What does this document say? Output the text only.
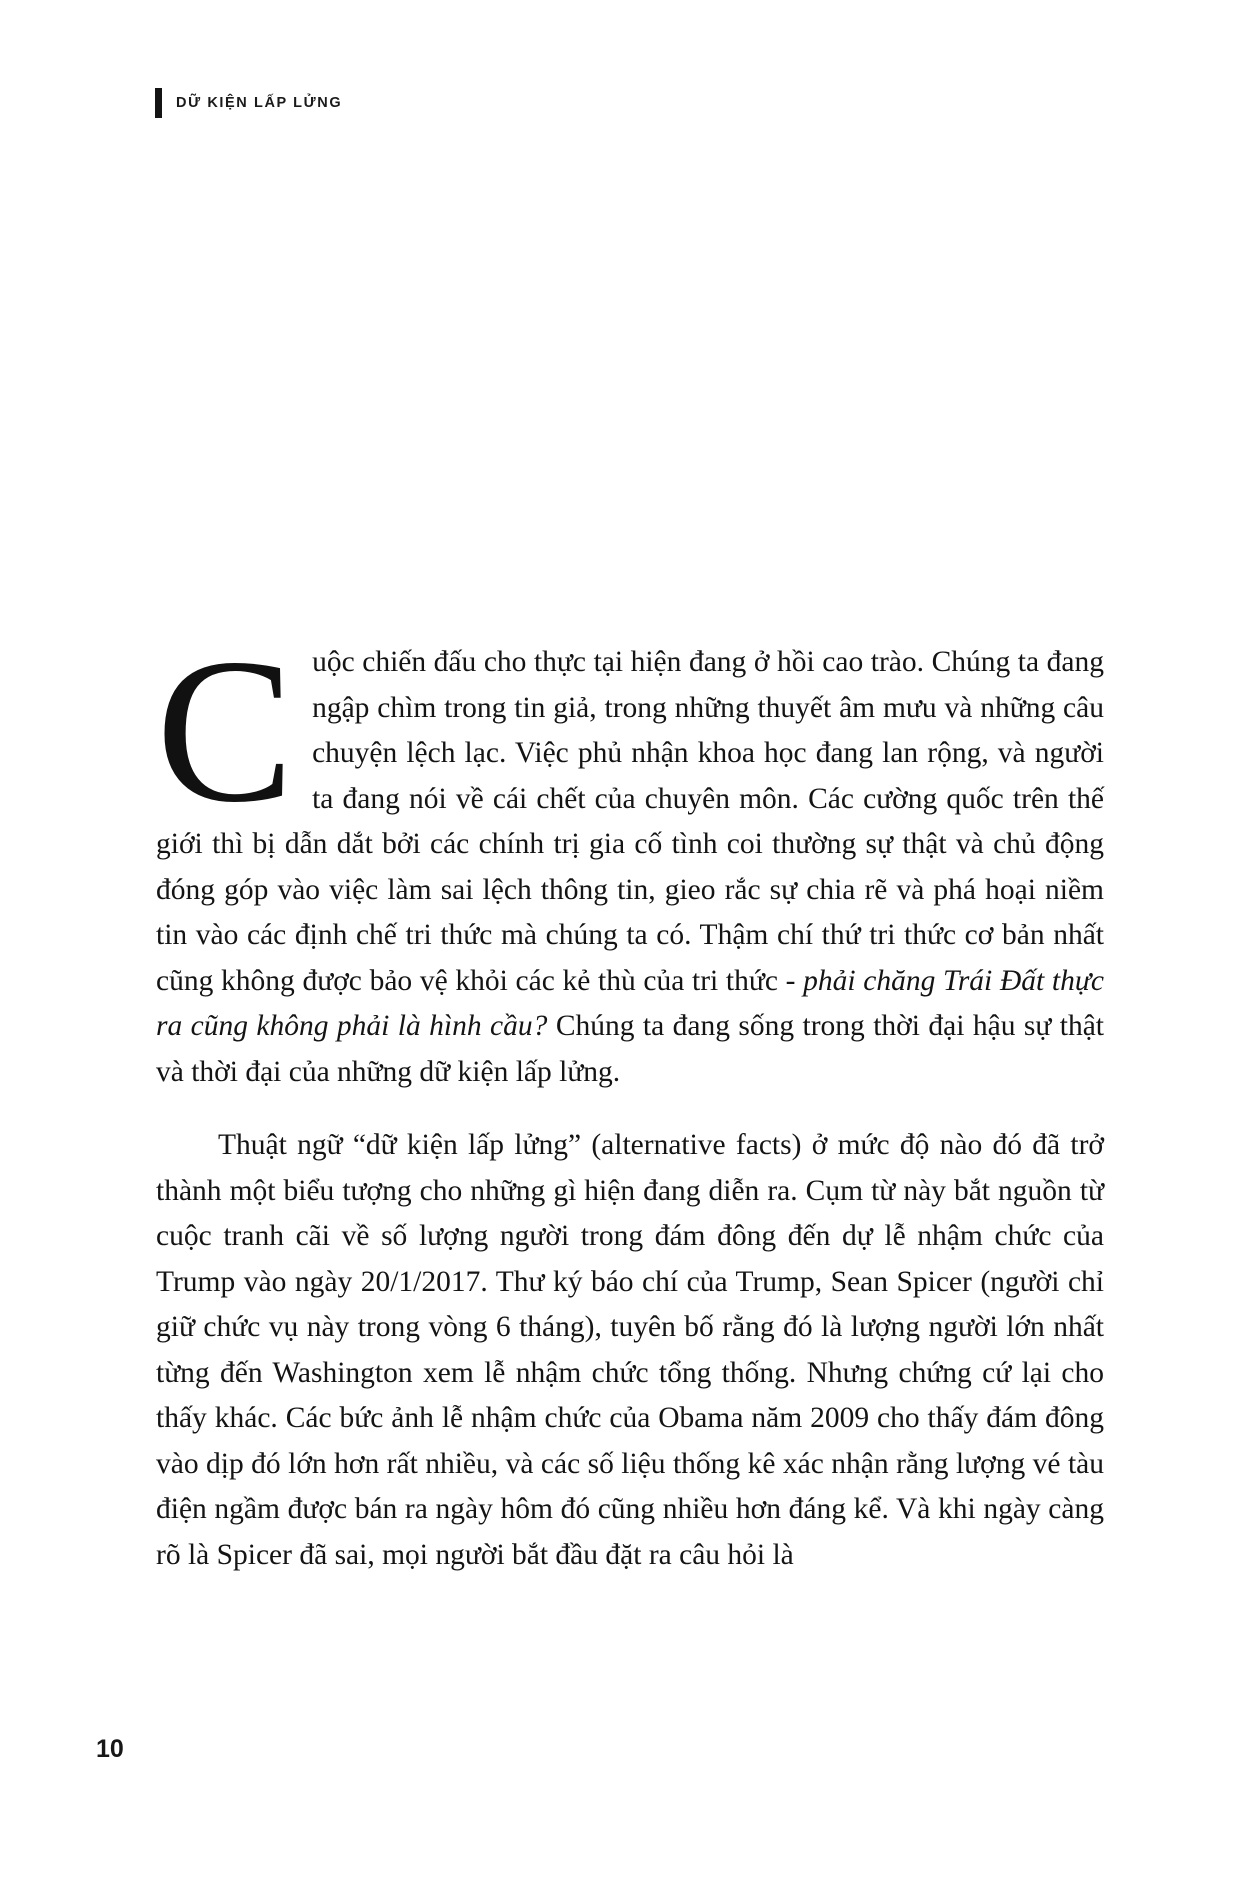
DỮ KIỆN LẤP LỬNG

Cuộc chiến đấu cho thực tại hiện đang ở hồi cao trào. Chúng ta đang ngập chìm trong tin giả, trong những thuyết âm mưu và những câu chuyện lệch lạc. Việc phủ nhận khoa học đang lan rộng, và người ta đang nói về cái chết của chuyên môn. Các cường quốc trên thế giới thì bị dẫn dắt bởi các chính trị gia cố tình coi thường sự thật và chủ động đóng góp vào việc làm sai lệch thông tin, gieo rắc sự chia rẽ và phá hoại niềm tin vào các định chế tri thức mà chúng ta có. Thậm chí thứ tri thức cơ bản nhất cũng không được bảo vệ khỏi các kẻ thù của tri thức - phải chăng Trái Đất thực ra cũng không phải là hình cầu? Chúng ta đang sống trong thời đại hậu sự thật và thời đại của những dữ kiện lấp lửng.

Thuật ngữ “dữ kiện lấp lửng” (alternative facts) ở mức độ nào đó đã trở thành một biểu tượng cho những gì hiện đang diễn ra. Cụm từ này bắt nguồn từ cuộc tranh cãi về số lượng người trong đám đông đến dự lễ nhậm chức của Trump vào ngày 20/1/2017. Thư ký báo chí của Trump, Sean Spicer (người chỉ giữ chức vụ này trong vòng 6 tháng), tuyên bố rằng đó là lượng người lớn nhất từng đến Washington xem lễ nhậm chức tổng thống. Nhưng chứng cứ lại cho thấy khác. Các bức ảnh lễ nhậm chức của Obama năm 2009 cho thấy đám đông vào dịp đó lớn hơn rất nhiều, và các số liệu thống kê xác nhận rằng lượng vé tàu điện ngầm được bán ra ngày hôm đó cũng nhiều hơn đáng kể. Và khi ngày càng rõ là Spicer đã sai, mọi người bắt đầu đặt ra câu hỏi là

10
